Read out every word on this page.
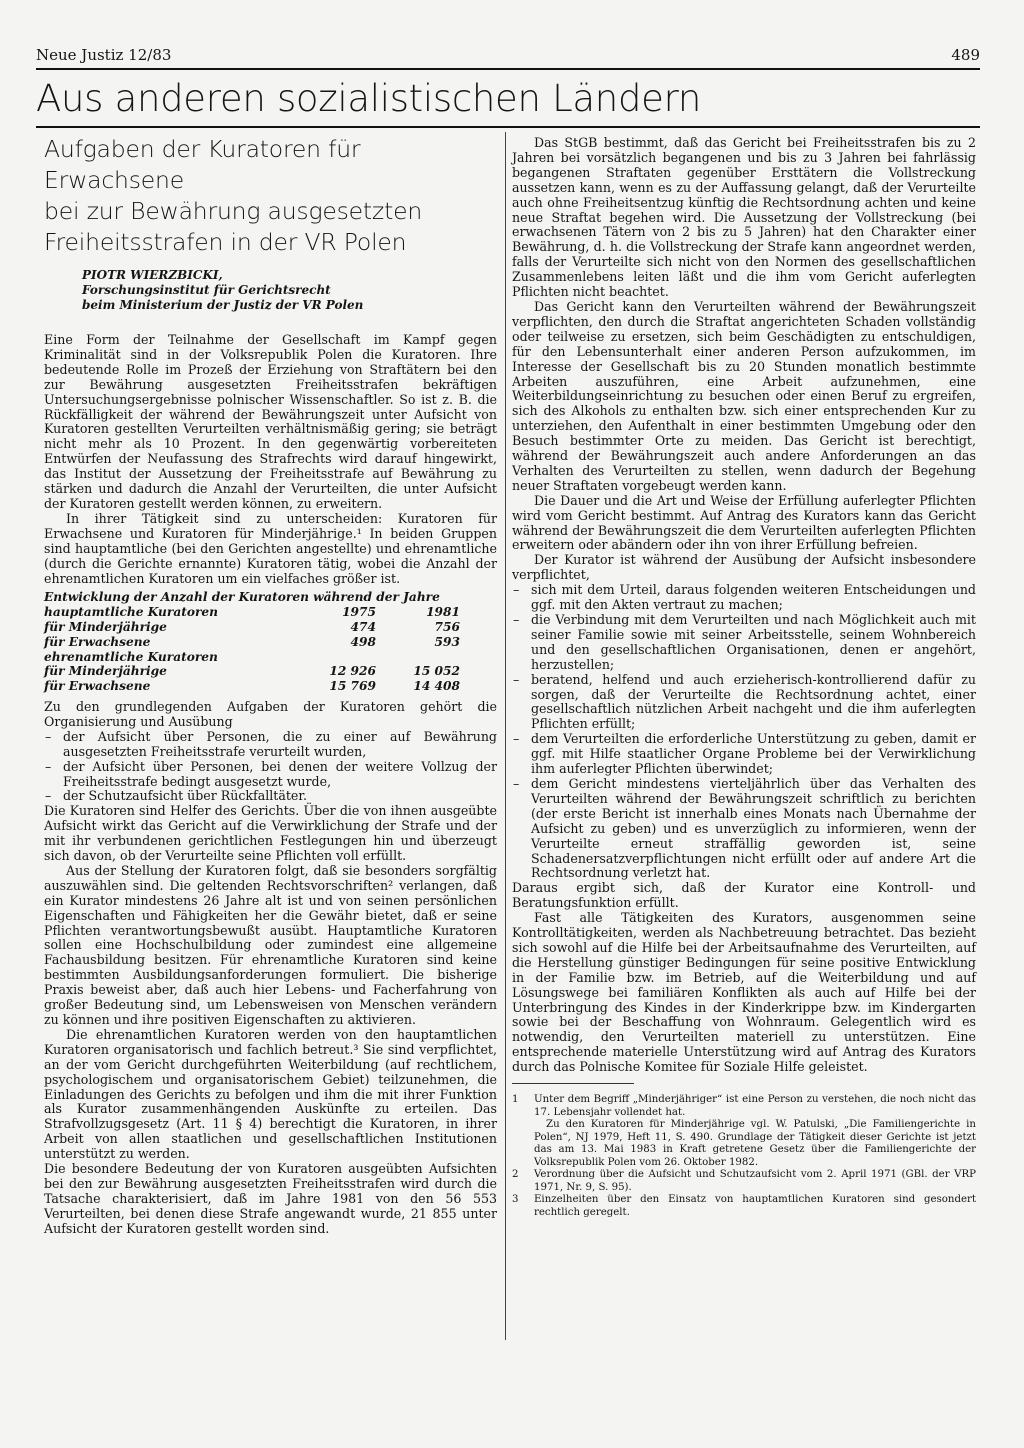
Neue Justiz 12/83	489
Aus anderen sozialistischen Ländern
Aufgaben der Kuratoren für Erwachsene
bei zur Bewährung ausgesetzten
Freiheitsstrafen in der VR Polen
PIOTR WIERZBICKI,
Forschungsinstitut für Gerichtsrecht
beim Ministerium der Justiz der VR Polen

Eine Form der Teilnahme der Gesellschaft im Kampf gegen Kriminalität sind in der Volksrepublik Polen die Kuratoren. Ihre bedeutende Rolle im Prozeß der Erziehung von Straftätern bei den zur Bewährung ausgesetzten Freiheitsstrafen bekräftigen Untersuchungsergebnisse polnischer Wissenschaftler. So ist z. B. die Rückfälligkeit der während der Bewährungszeit unter Aufsicht von Kuratoren gestellten Verurteilten verhältnismäßig gering; sie beträgt nicht mehr als 10 Prozent. In den gegenwärtig vorbereiteten Entwürfen der Neufassung des Strafrechts wird darauf hingewirkt, das Institut der Aussetzung der Freiheitsstrafe auf Bewährung zu stärken und dadurch die Anzahl der Verurteilten, die unter Aufsicht der Kuratoren gestellt werden können, zu erweitern.

In ihrer Tätigkeit sind zu unterscheiden: Kuratoren für Erwachsene und Kuratoren für Minderjährige.¹ In beiden Gruppen sind hauptamtliche (bei den Gerichten angestellte) und ehrenamtliche (durch die Gerichte ernannte) Kuratoren tätig, wobei die Anzahl der ehrenamtlichen Kuratoren um ein vielfaches größer ist.

Entwicklung der Anzahl der Kuratoren während der Jahre
hauptamtliche Kuratoren	1975	1981
für Minderjährige	474	756
für Erwachsene	498	593
ehrenamtliche Kuratoren
für Minderjährige	12 926	15 052
für Erwachsene	15 769	14 408

Zu den grundlegenden Aufgaben der Kuratoren gehört die Organisierung und Ausübung

– der Aufsicht über Personen, die zu einer auf Bewährung ausgesetzten Freiheitsstrafe verurteilt wurden,
– der Aufsicht über Personen, bei denen der weitere Vollzug der Freiheitsstrafe bedingt ausgesetzt wurde,
– der Schutzaufsicht über Rückfalltäter.

Die Kuratoren sind Helfer des Gerichts. Über die von ihnen ausgeübte Aufsicht wirkt das Gericht auf die Verwirklichung der Strafe und der mit ihr verbundenen gerichtlichen Festlegungen hin und überzeugt sich davon, ob der Verurteilte seine Pflichten voll erfüllt.

Aus der Stellung der Kuratoren folgt, daß sie besonders sorgfältig auszuwählen sind. Die geltenden Rechtsvorschriften² verlangen, daß ein Kurator mindestens 26 Jahre alt ist und von seinen persönlichen Eigenschaften und Fähigkeiten her die Gewähr bietet, daß er seine Pflichten verantwortungsbewußt ausübt. Hauptamtliche Kuratoren sollen eine Hochschulbildung oder zumindest eine allgemeine Fachausbildung besitzen. Für ehrenamtliche Kuratoren sind keine bestimmten Ausbildungsanforderungen formuliert. Die bisherige Praxis beweist aber, daß auch hier Lebens- und Facherfahrung von großer Bedeutung sind, um Lebensweisen von Menschen verändern zu können und ihre positiven Eigenschaften zu aktivieren.

Die ehrenamtlichen Kuratoren werden von den hauptamtlichen Kuratoren organisatorisch und fachlich betreut.³ Sie sind verpflichtet, an der vom Gericht durchgeführten Weiterbildung (auf rechtlichem, psychologischem und organisatorischem Gebiet) teilzunehmen, die Einladungen des Gerichts zu befolgen und ihm die mit ihrer Funktion als Kurator zusammenhängenden Auskünfte zu erteilen. Das Strafvollzugsgesetz (Art. 11 § 4) berechtigt die Kuratoren, in ihrer Arbeit von allen staatlichen und gesellschaftlichen Institutionen unterstützt zu werden.

Die besondere Bedeutung der von Kuratoren ausgeübten Aufsichten bei den zur Bewährung ausgesetzten Freiheitsstrafen wird durch die Tatsache charakterisiert, daß im Jahre 1981 von den 56 553 Verurteilten, bei denen diese Strafe angewandt wurde, 21 855 unter Aufsicht der Kuratoren gestellt worden sind.

Das StGB bestimmt, daß das Gericht bei Freiheitsstrafen bis zu 2 Jahren bei vorsätzlich begangenen und bis zu 3 Jahren bei fahrlässig begangenen Straftaten gegenüber Ersttätern die Vollstreckung aussetzen kann, wenn es zu der Auffassung gelangt, daß der Verurteilte auch ohne Freiheitsentzug künftig die Rechtsordnung achten und keine neue Straftat begehen wird. Die Aussetzung der Vollstreckung (bei erwachsenen Tätern von 2 bis zu 5 Jahren) hat den Charakter einer Bewährung, d. h. die Vollstreckung der Strafe kann angeordnet werden, falls der Verurteilte sich nicht von den Normen des gesellschaftlichen Zusammenlebens leiten läßt und die ihm vom Gericht auferlegten Pflichten nicht beachtet.

Das Gericht kann den Verurteilten während der Bewährungszeit verpflichten, den durch die Straftat angerichteten Schaden vollständig oder teilweise zu ersetzen, sich beim Geschädigten zu entschuldigen, für den Lebensunterhalt einer anderen Person aufzukommen, im Interesse der Gesellschaft bis zu 20 Stunden monatlich bestimmte Arbeiten auszuführen, eine Arbeit aufzunehmen, eine Weiterbildungseinrichtung zu besuchen oder einen Beruf zu ergreifen, sich des Alkohols zu enthalten bzw. sich einer entsprechenden Kur zu unterziehen, den Aufenthalt in einer bestimmten Umgebung oder den Besuch bestimmter Orte zu meiden. Das Gericht ist berechtigt, während der Bewährungszeit auch andere Anforderungen an das Verhalten des Verurteilten zu stellen, wenn dadurch der Begehung neuer Straftaten vorgebeugt werden kann.

Die Dauer und die Art und Weise der Erfüllung auferlegter Pflichten wird vom Gericht bestimmt. Auf Antrag des Kurators kann das Gericht während der Bewährungszeit die dem Verurteilten auferlegten Pflichten erweitern oder abändern oder ihn von ihrer Erfüllung befreien.

Der Kurator ist während der Ausübung der Aufsicht insbesondere verpflichtet,

– sich mit dem Urteil, daraus folgenden weiteren Entscheidungen und ggf. mit den Akten vertraut zu machen;
– die Verbindung mit dem Verurteilten und nach Möglichkeit auch mit seiner Familie sowie mit seiner Arbeitsstelle, seinem Wohnbereich und den gesellschaftlichen Organisationen, denen er angehört, herzustellen;
– beratend, helfend und auch erzieherisch-kontrollierend dafür zu sorgen, daß der Verurteilte die Rechtsordnung achtet, einer gesellschaftlich nützlichen Arbeit nachgeht und die ihm auferlegten Pflichten erfüllt;
– dem Verurteilten die erforderliche Unterstützung zu geben, damit er ggf. mit Hilfe staatlicher Organe Probleme bei der Verwirklichung ihm auferlegter Pflichten überwindet;
– dem Gericht mindestens vierteljährlich über das Verhalten des Verurteilten während der Bewährungszeit schriftlich zu berichten (der erste Bericht ist innerhalb eines Monats nach Übernahme der Aufsicht zu geben) und es unverzüglich zu informieren, wenn der Verurteilte erneut straffällig geworden ist, seine Schadenersatzverpflichtungen nicht erfüllt oder auf andere Art die Rechtsordnung verletzt hat.

Daraus ergibt sich, daß der Kurator eine Kontroll- und Beratungsfunktion erfüllt.

Fast alle Tätigkeiten des Kurators, ausgenommen seine Kontrolltätigkeiten, werden als Nachbetreuung betrachtet. Das bezieht sich sowohl auf die Hilfe bei der Arbeitsaufnahme des Verurteilten, auf die Herstellung günstiger Bedingungen für seine positive Entwicklung in der Familie bzw. im Betrieb, auf die Weiterbildung und auf Lösungswege bei familiären Konflikten als auch auf Hilfe bei der Unterbringung des Kindes in der Kinderkrippe bzw. im Kindergarten sowie bei der Beschaffung von Wohnraum. Gelegentlich wird es notwendig, den Verurteilten materiell zu unterstützen. Eine entsprechende materielle Unterstützung wird auf Antrag des Kurators durch das Polnische Komitee für Soziale Hilfe geleistet.

1	Unter dem Begriff „Minderjähriger“ ist eine Person zu verstehen, die noch nicht das 17. Lebensjahr vollendet hat.
Zu den Kuratoren für Minderjährige vgl. W. Patulski, „Die Familiengerichte in Polen“, NJ 1979, Heft 11, S. 490. Grundlage der Tätigkeit dieser Gerichte ist jetzt das am 13. Mai 1983 in Kraft getretene Gesetz über die Familiengerichte der Volksrepublik Polen vom 26. Oktober 1982.
2	Verordnung über die Aufsicht und Schutzaufsicht vom 2. April 1971 (GBl. der VRP 1971, Nr. 9, S. 95).
3	Einzelheiten über den Einsatz von hauptamtlichen Kuratoren sind gesondert rechtlich geregelt.
